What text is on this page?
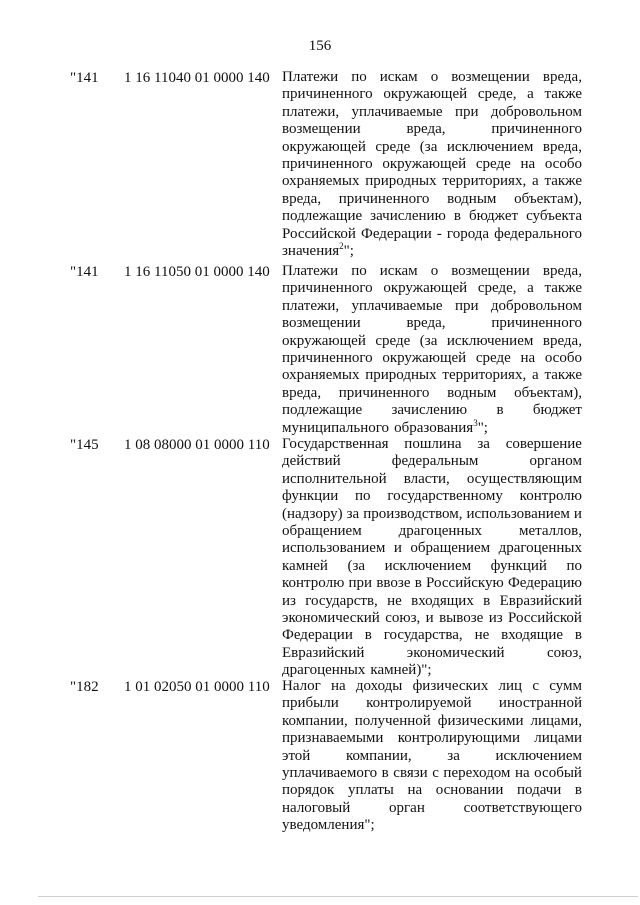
156
"141 1 16 11040 01 0000 140 Платежи по искам о возмещении вреда,
причиненного окружающей среде, а также
платежи, уплачиваемые при добровольном
возмещении	вреда,	причиненного
окружающей среде (за исключением вреда,
причиненного окружающей среде на особо
охраняемых природных территориях, а также
вреда, причиненного водным объектам),
подлежащие зачислению в бюджет субъекта
Российской Федерации - города федерального
значения$^2$";
"141 1 16 11050 01 0000 140 Платежи по искам о возмещении вреда,
причиненного окружающей среде, а также
платежи, уплачиваемые при добровольном
возмещении	вреда,	причиненного
окружающей среде (за исключением вреда,
причиненного окружающей среде на особо
охраняемых природных территориях, а также
вреда, причиненного водным объектам),
подлежащие зачислению в бюджет
муниципального образования$^3$";
"145 1 08 08000 01 0000 110 Государственная пошлина за совершение
действий	федеральным	органом
исполнительной власти, осуществляющим
функции по государственному контролю
(надзору) за производством, использованием и
обращением драгоценных металлов,
использованием и обращением драгоценных
камней (за исключением функций по
контролю при ввозе в Российскую Федерацию
из государств, не входящих в Евразийский
экономический союз, и вывозе из Российской
Федерации в государства, не входящие в
Евразийский	экономический	союз,
драгоценных камней)";
"182 1 01 02050 01 0000 110 Налог на доходы физических лиц с сумм
прибыли контролируемой иностранной
компании, полученной физическими лицами,
признаваемыми контролирующими лицами
этой компании, за исключением
уплачиваемого в связи с переходом на особый
порядок уплаты на основании подачи в
налоговый	орган	соответствующего
уведомления";
